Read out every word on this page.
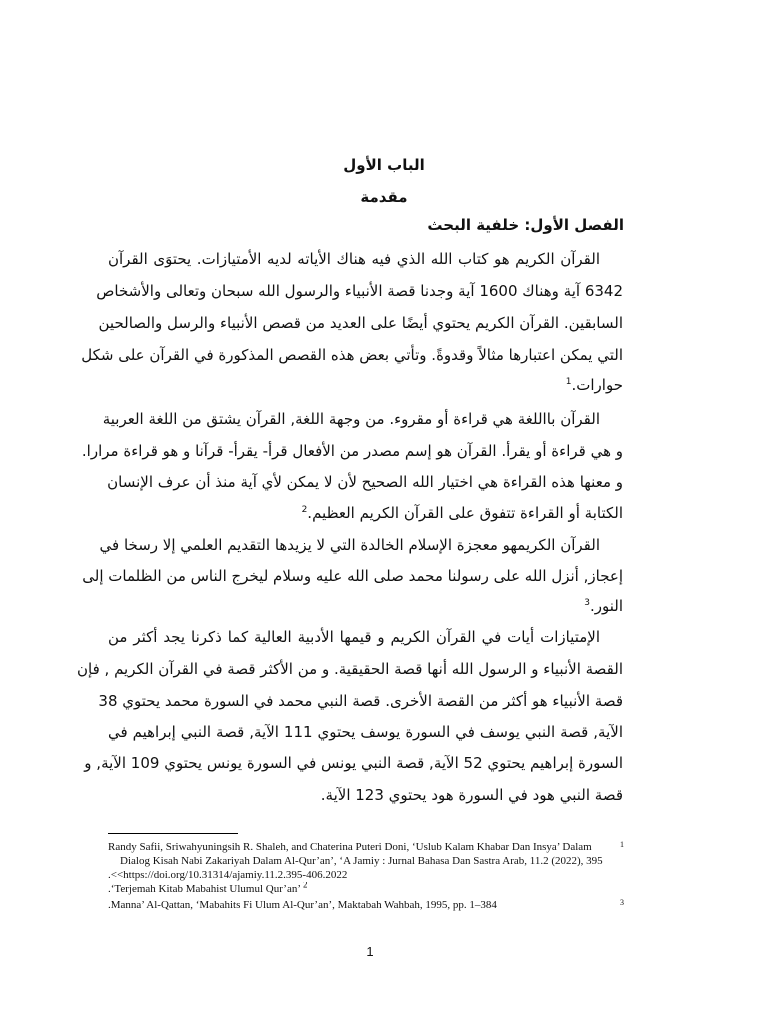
الباب الأول
مقدمة
الفصل الأول: خلفية البحث
القرآن الكريم هو كتاب الله الذي فيه هناك الأياته لديه الأمتيازات. يحتوَى القرآن
6342 آية وهناك 1600 آية وجدنا قصة الأنبياء والرسول الله سبحان وتعالى والأشخاص
السابقين. القرآن الكريم يحتوي أيضًا على العديد من قصص الأنبياء والرسل والصالحين
التي يمكن اعتبارها مثالاً وقدوةً. وتأتي بعض هذه القصص المذكورة في القرآن على شكل
حوارات.$^1$
القرآن بااللغة هي قراءة أو مقروء. من وجهة اللغة, القرآن يشتق من اللغة العربية
و هي قراءة أو يقرأ. القرآن هو إسم مصدر من الأفعال قرأ- يقرأ- قرآنا و هو قراءة مرارا.
و معنها هذه القراءة هي اختيار الله الصحيح لأن لا يمكن لأي آية منذ أن عرف الإنسان
الكتابة أو القراءة تتفوق على القرآن الكريم العظيم.$^2$
القرآن الكريمهو معجزة الإسلام الخالدة التي لا يزيدها التقديم العلمي إلا رسخا في
إعجاز, أنزل الله على رسولنا محمد صلى الله عليه وسلام ليخرج الناس من الظلمات إلى
النور.$^3$
الإمتيازات أيات في القرآن الكريم و قيمها الأدبية العالية كما ذكرنا يجد أكثر من
القصة الأنبياء و الرسول الله أنها قصة الحقيقية. و من الأكثر قصة في القرآن الكريم , فإن
قصة الأنبياء هو أكثر من القصة الأخرى. قصة النبي محمد في السورة محمد يحتوي 38
الآية, قصة النبي يوسف في السورة يوسف يحتوي 111 الآية, قصة النبي إبراهيم في
السورة إبراهيم يحتوي 52 الآية, قصة النبي يونس في السورة يونس يحتوي 109 الآية, و
قصة النبي هود في السورة هود يحتوي 123 الآية.
Randy Safii, Sriwahyuningsih R. Shaleh, and Chaterina Puteri Doni, ‘Uslub Kalam Khabar Dan Insya’ Dalam	1
Dialog Kisah Nabi Zakariyah Dalam Al-Qur’an’, ‘A Jamiy : Jurnal Bahasa Dan Sastra Arab, 11.2 (2022), 395
.<<https://doi.org/10.31314/ajamiy.11.2.395-406.2022
.‘Terjemah Kitab Mabahist Ulumul Qur’an’ $^2$
.Manna’ Al-Qattan, ‘Mabahits Fi Ulum Al-Qur’an’, Maktabah Wahbah, 1995, pp. 1–384	3
1
